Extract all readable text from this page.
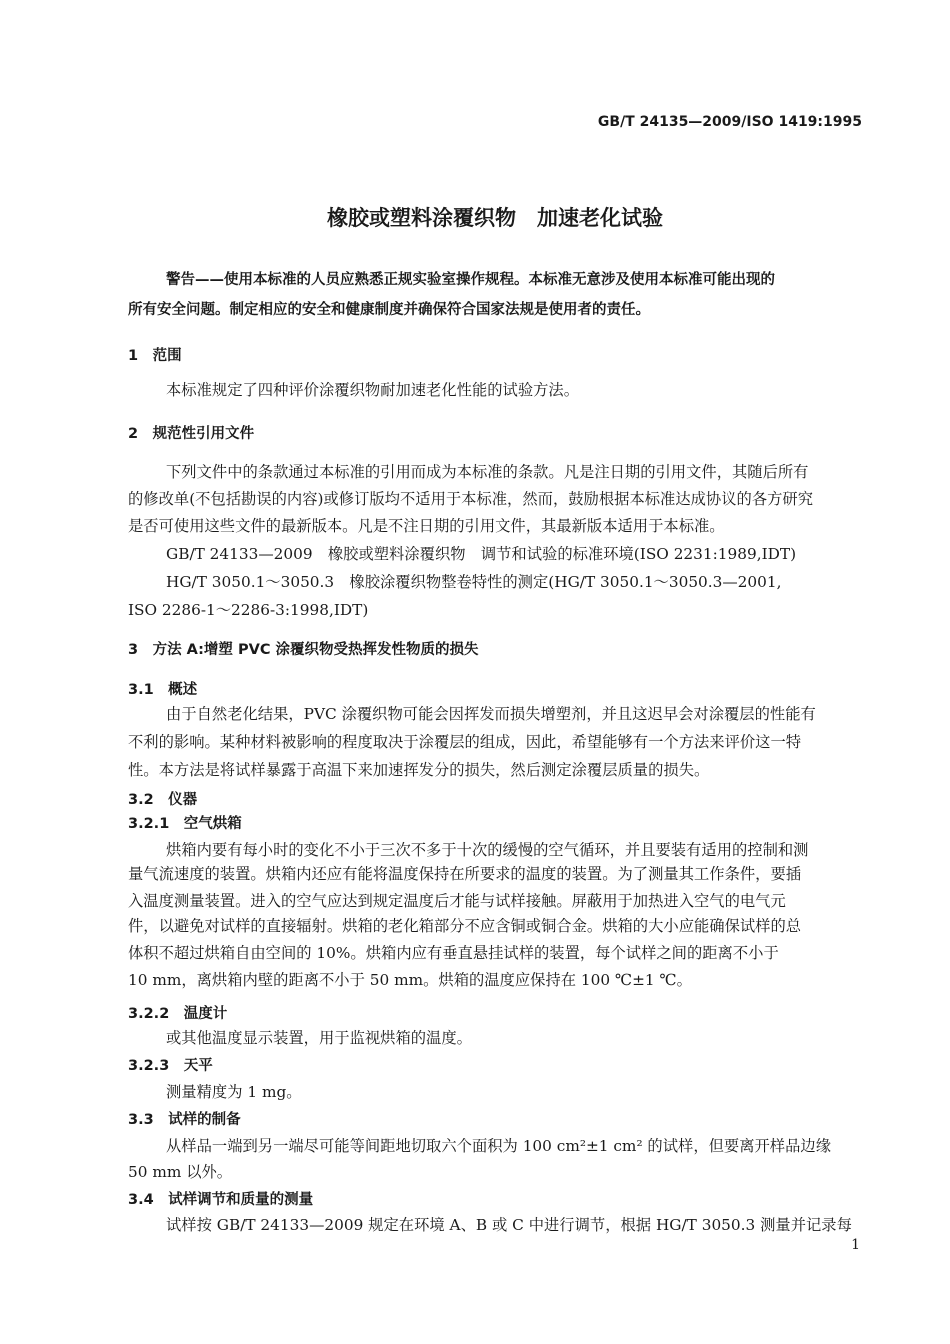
GB/T 24135—2009/ISO 1419:1995
橡胶或塑料涂覆织物　加速老化试验
警告——使用本标准的人员应熟悉正规实验室操作规程。本标准无意涉及使用本标准可能出现的
所有安全问题。制定相应的安全和健康制度并确保符合国家法规是使用者的责任。
1　范围
本标准规定了四种评价涂覆织物耐加速老化性能的试验方法。
2　规范性引用文件
下列文件中的条款通过本标准的引用而成为本标准的条款。凡是注日期的引用文件，其随后所有
的修改单(不包括勘误的内容)或修订版均不适用于本标准，然而，鼓励根据本标准达成协议的各方研究
是否可使用这些文件的最新版本。凡是不注日期的引用文件，其最新版本适用于本标准。
GB/T 24133—2009　橡胶或塑料涂覆织物　调节和试验的标准环境(ISO 2231:1989,IDT)
HG/T 3050.1～3050.3　橡胶涂覆织物整卷特性的测定(HG/T 3050.1～3050.3—2001,
ISO 2286-1～2286-3:1998,IDT)
3　方法 A:增塑 PVC 涂覆织物受热挥发性物质的损失
3.1　概述
由于自然老化结果，PVC 涂覆织物可能会因挥发而损失增塑剂，并且这迟早会对涂覆层的性能有
不利的影响。某种材料被影响的程度取决于涂覆层的组成，因此，希望能够有一个方法来评价这一特
性。本方法是将试样暴露于高温下来加速挥发分的损失，然后测定涂覆层质量的损失。
3.2　仪器
3.2.1　空气烘箱
烘箱内要有每小时的变化不小于三次不多于十次的缓慢的空气循环，并且要装有适用的控制和测
量气流速度的装置。烘箱内还应有能将温度保持在所要求的温度的装置。为了测量其工作条件，要插
入温度测量装置。进入的空气应达到规定温度后才能与试样接触。屏蔽用于加热进入空气的电气元
件，以避免对试样的直接辐射。烘箱的老化箱部分不应含铜或铜合金。烘箱的大小应能确保试样的总
体积不超过烘箱自由空间的 10%。烘箱内应有垂直悬挂试样的装置，每个试样之间的距离不小于
10 mm，离烘箱内壁的距离不小于 50 mm。烘箱的温度应保持在 100 ℃±1 ℃。
3.2.2　温度计
或其他温度显示装置，用于监视烘箱的温度。
3.2.3　天平
测量精度为 1 mg。
3.3　试样的制备
从样品一端到另一端尽可能等间距地切取六个面积为 100 cm²±1 cm² 的试样，但要离开样品边缘
50 mm 以外。
3.4　试样调节和质量的测量
试样按 GB/T 24133—2009 规定在环境 A、B 或 C 中进行调节，根据 HG/T 3050.3 测量并记录每
1
